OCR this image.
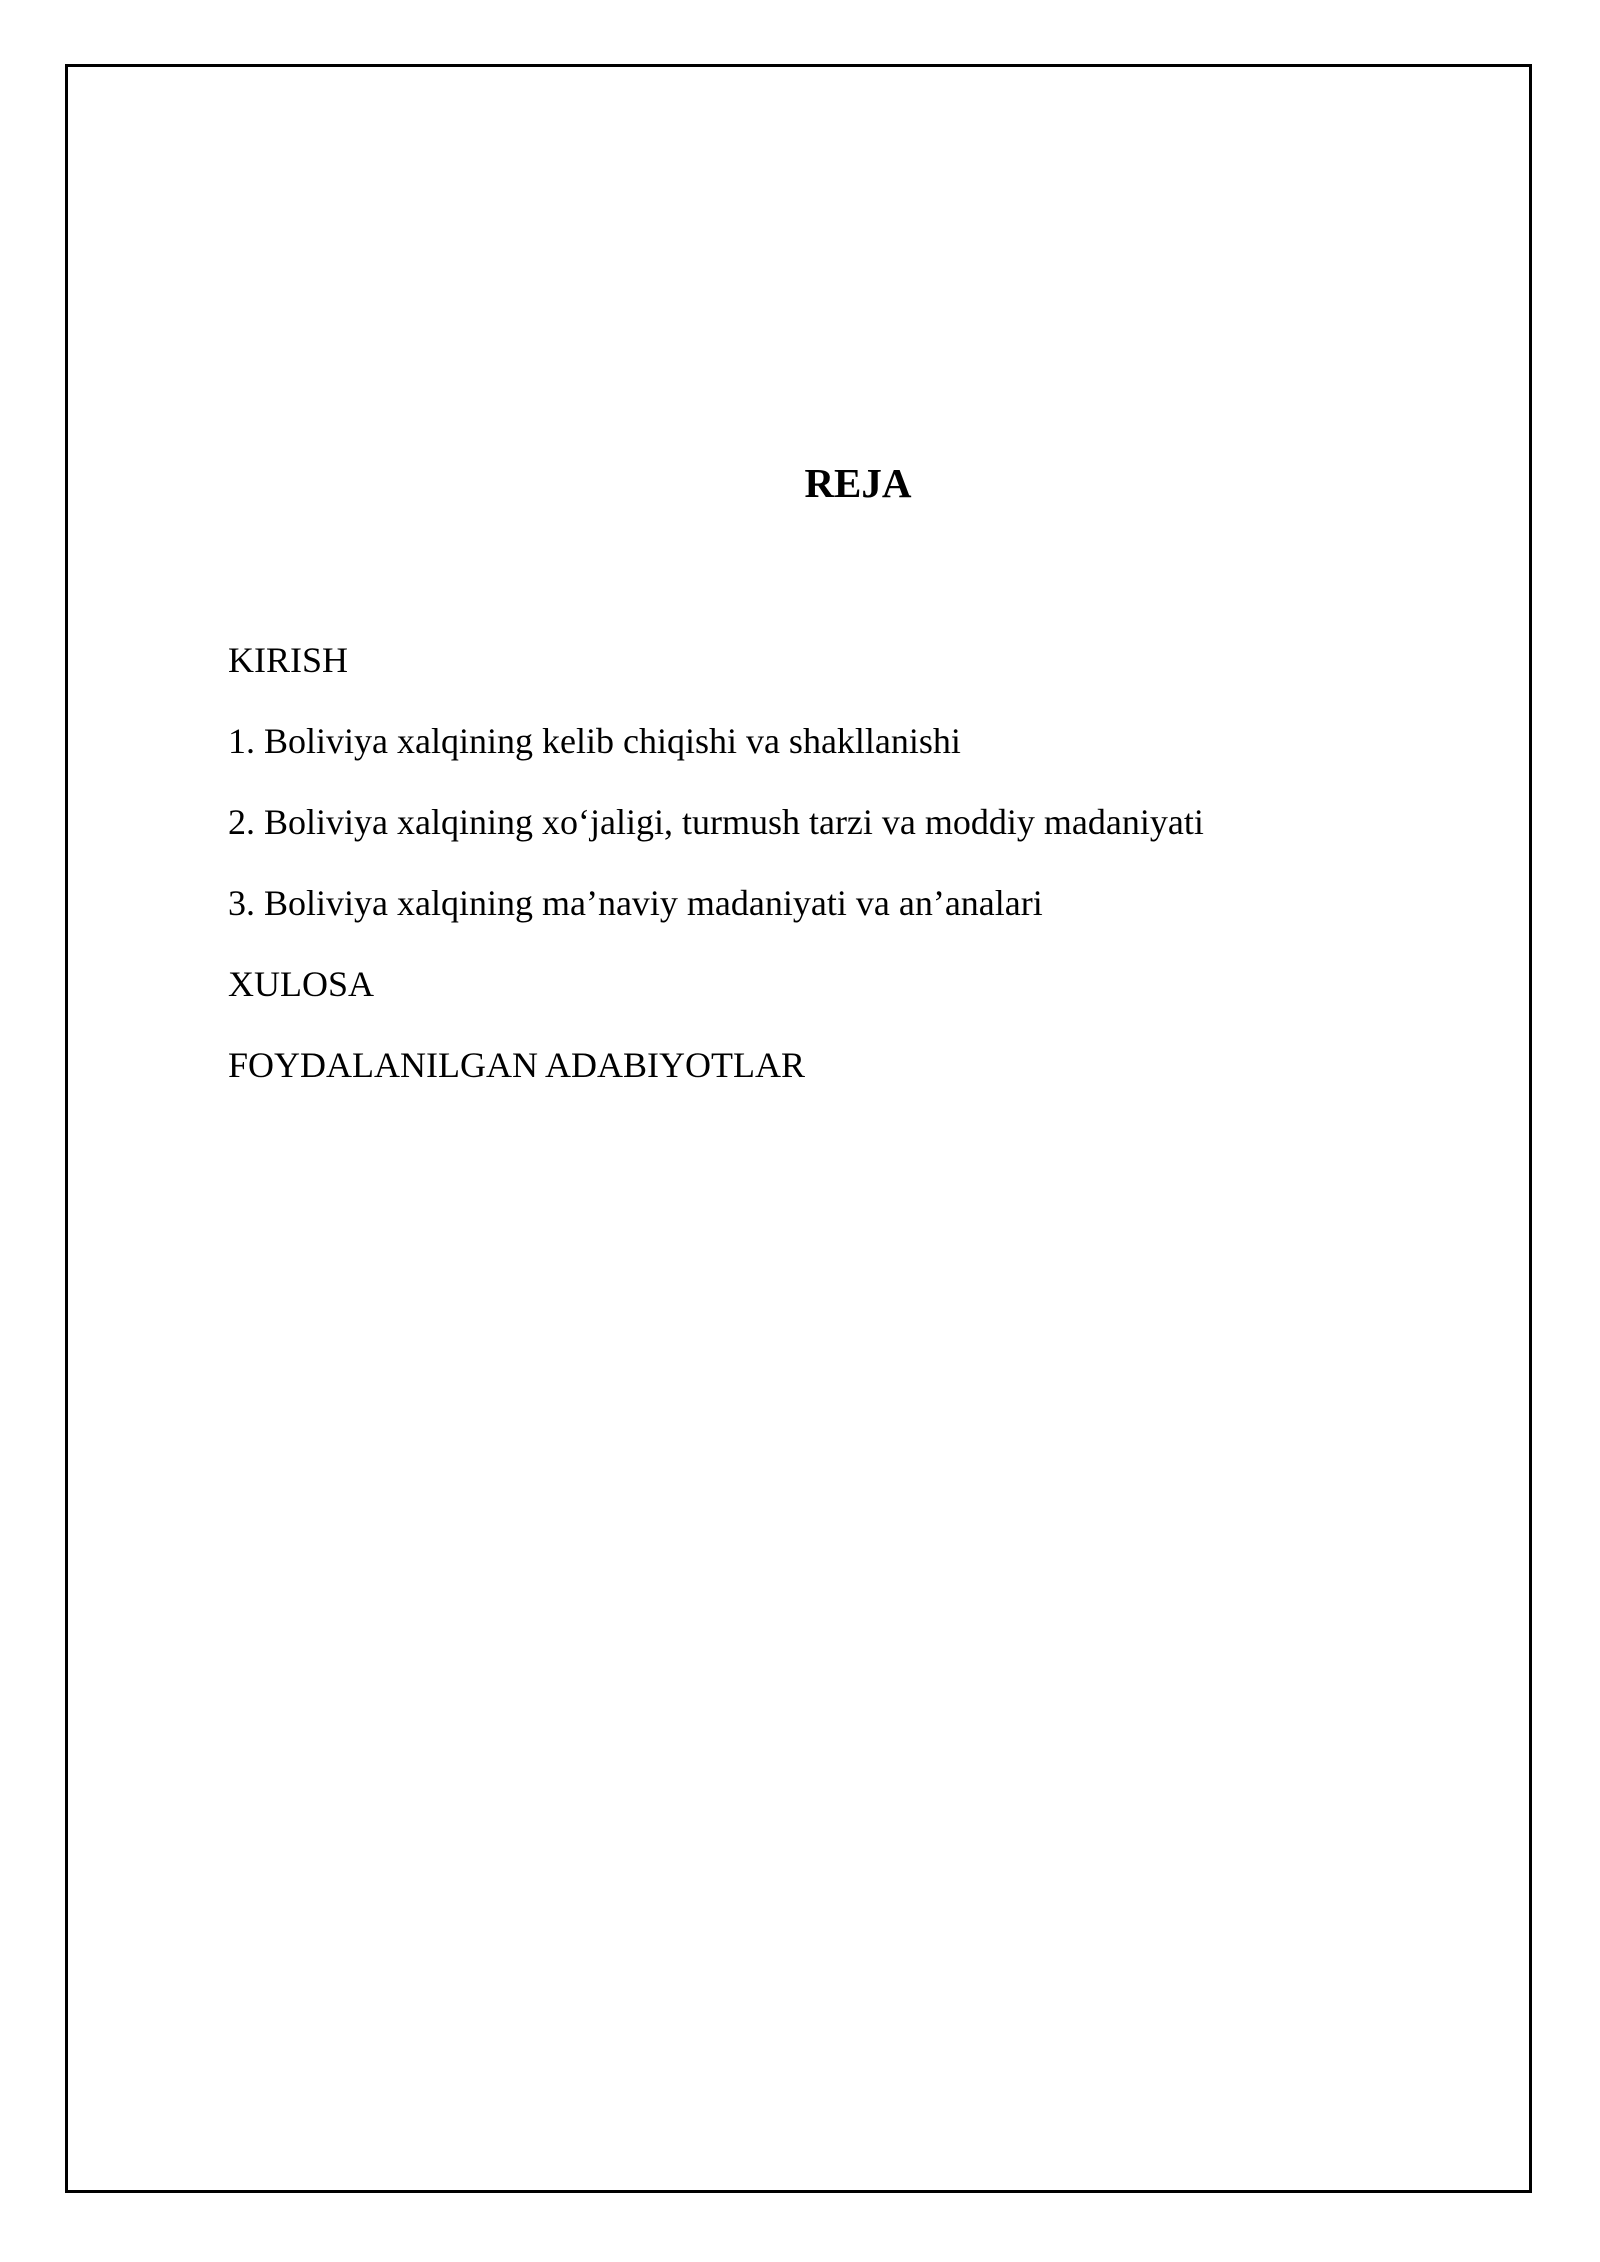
REJA
KIRISH
1. Boliviya xalqining kelib chiqishi va shakllanishi
2. Boliviya xalqining xo‘jaligi, turmush tarzi va moddiy madaniyati
3. Boliviya xalqining ma’naviy madaniyati va an’analari
XULOSA
FOYDALANILGAN ADABIYOTLAR
